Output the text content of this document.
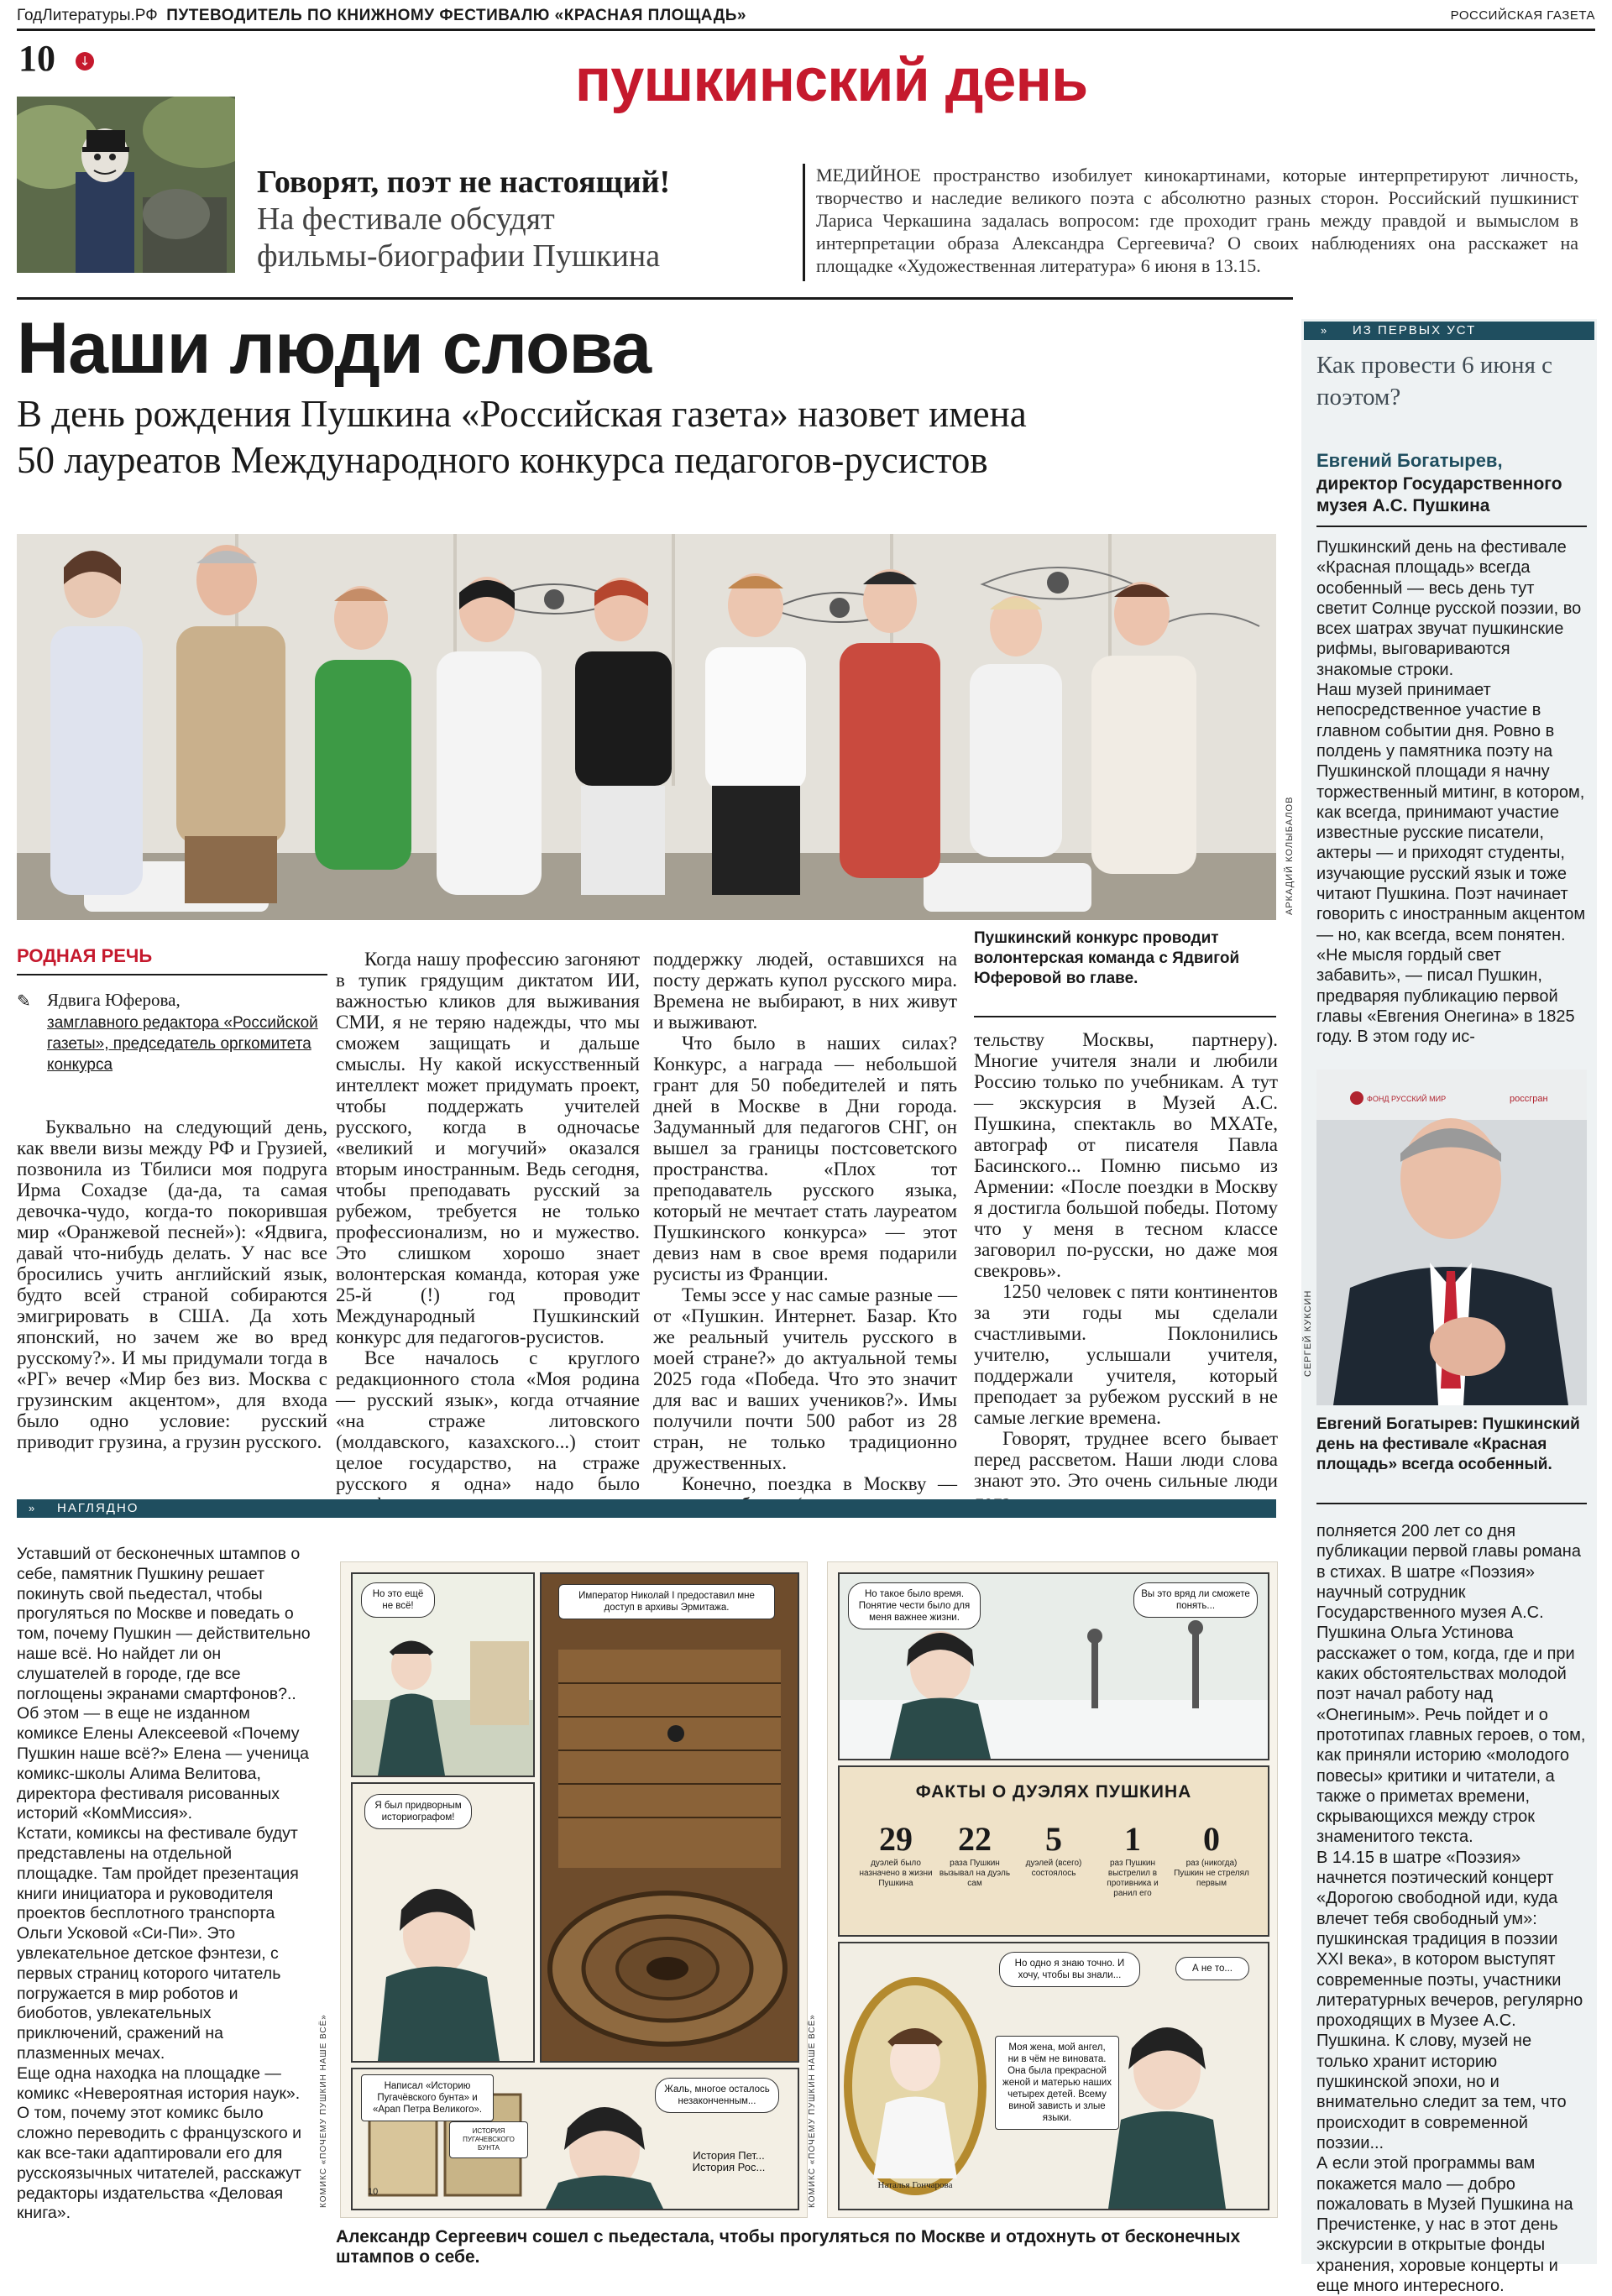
ГодЛитературы.РФ ПУТЕВОДИТЕЛЬ ПО КНИЖНОМУ ФЕСТИВАЛЮ «КРАСНАЯ ПЛОЩАДЬ»	РОССИЙСКАЯ ГАЗЕТА
10	↓	пушкинский день
Говорят, поэт не настоящий!
На фестивале обсудят
фильмы-биографии Пушкина
МЕДИЙНОЕ пространство изобилует кинокартинами, которые интерпретируют личность, творчество и наследие великого поэта с абсолютно разных сторон. Российский пушкинист Лариса Черкашина задалась вопросом: где проходит грань между правдой и вымыслом в интерпретации образа Александра Сергеевича? О своих наблюдениях она расскажет на площадке «Художественная литература» 6 июня в 13.15.
Наши люди слова
В день рождения Пушкина «Российская газета» назовет имена
50 лауреатов Международного конкурса педагогов-русистов
АРКАДИЙ КОЛЫБАЛОВ
РОДНАЯ РЕЧЬ
✎ Ядвига Юферова,
замглавного редактора «Российской газеты», председатель оргкомитета конкурса

Буквально на следующий день, как ввели визы между РФ и Грузией, позвонила из Тбилиси моя подруга Ирма Сохадзе (да-да, та самая девочка-чудо, когда-то покорившая мир «Оранжевой песней»): «Ядвига, давай что-нибудь делать. У нас все бросились учить английский язык, будто всей страной собираются эмигрировать в США. Да хоть японский, но зачем же во вред русскому?». И мы придумали тогда в «РГ» вечер «Мир без виз. Москва с грузинским акцентом», для входа было одно условие: русский приводит грузина, а грузин русского.

Когда нашу профессию загоняют в тупик грядущим диктатом ИИ, важностью кликов для выживания СМИ, я не теряю надежды, что мы сможем защищать и дальше смыслы. Ну какой искусственный интеллект может придумать проект, чтобы поддержать учителей русского, когда в одночасье «великий и могучий» оказался вторым иностранным. Ведь сегодня, чтобы преподавать русский за рубежом, требуется не только профессионализм, но и мужество. Это слишком хорошо знает волонтерская команда, которая уже 25-й (!) год проводит Международный Пушкинский конкурс для педагогов-русистов.

Все началось с круглого редакционного стола «Моя родина — русский язык», когда отчаяние «на страже литовского (молдавского, казахского...) стоит целое государство, на страже русского я одна» надо было

поддержку людей, оставшихся на посту держать купол русского мира. Времена не выбирают, в них живут и выживают.

Что было в наших силах? Конкурс, а награда — небольшой грант для 50 победителей и пять дней в Москве в Дни города. Задуманный для педагогов СНГ, он вышел за границы постсоветского пространства. «Плох тот преподаватель русского языка, который не мечтает стать лауреатом Пушкинского конкурса» — этот девиз нам в свое время подарили русисты из Франции.

Темы эссе у нас самые разные — от «Пушкин. Интернет. Базар. Кто же реальный учитель русского в моей стране?» до актуальной темы 2025 года «Победа. Что это значит для вас и ваших учеников?». Имы получили почти 500 работ из 28 стран, не только традиционно дружественных.

Конечно, поездка в Москву —

Пушкинский конкурс проводит волонтерская команда с Ядвигой Юферовой во главе.

тельству Москвы, партнеру). Многие учителя знали и любили Россию только по учебникам. А тут — экскурсия в Музей А.С. Пушкина, спектакль во МХАТе, автограф от писателя Павла Басинского... Помню письмо из Армении: «После поездки в Москву я достигла большой победы. Потому что у меня в тесном классе заговорил по-русски, но даже моя свекровь».

1250 человек с пяти континентов за эти годы мы сделали счастливыми. Поклонились учителю, услышали учителя, поддержали учителя, который преподает за рубежом русский в не самые легкие времена.

Говорят, труднее всего бывает перед рассветом. Наши люди слова знают это. Это очень сильные люди

» ИЗ ПЕРВЫХ УСТ
Как провести 6 июня с поэтом?
Евгений Богатырев,
директор Государственного музея А.С. Пушкина

Пушкинский день на фестивале «Красная площадь» всегда особенный — весь день тут светит Солнце русской поэзии, во всех шатрах звучат пушкинские рифмы, выговариваются знакомые строки.

Наш музей принимает непосредственное участие в главном событии дня. Ровно в полдень у памятника поэту на Пушкинской площади я начну торжественный митинг, в котором, как всегда, принимают участие известные русские писатели, актеры — и приходят студенты, изучающие русский язык и тоже читают Пушкина. Поэт начинает говорить с иностранным акцентом — но, как всегда, всем понятен.

«Не мысля гордый свет забавить», — писал Пушкин, предваряя публикацию первой главы «Евгения Онегина» в 1825 году. В этом году ис-

ФОНД РУССКИЙ МИР	россгран
СЕРГЕЙ КУКСИН
Евгений Богатырев: Пушкинский день на фестивале «Красная площадь» всегда особенный.

полняется 200 лет со дня публикации первой главы романа в стихах. В шатре «Поэзия» научный сотрудник Государственного музея А.С. Пушкина Ольга Устинова расскажет о том, когда, где и при каких обстоятельствах молодой поэт начал работу над «Онегиным». Речь пойдет и о прототипах главных героев, о том, как приняли историю «молодого повесы» критики и читатели, а также о приметах времени, скрывающихся между строк знаменитого текста.

В 14.15 в шатре «Поэзия» начнется поэтический концерт «Дорогою свободной иди, куда влечет тебя свободный ум»: пушкинская традиция в поэзии XXI века», в котором выступят современные поэты, участники литературных вечеров, регулярно проходящих в Музее А.С. Пушкина. К слову, музей не только хранит историю пушкинской эпохи, но и внимательно следит за тем, что происходит в современной поэзии...

А если этой программы вам покажется мало — добро пожаловать в Музей Пушкина на Пречистенке, у нас в этот день экскурсии в открытые фонды хранения, хоровые концерты и еще много интересного.

» НАГЛЯДНО

Уставший от бесконечных штампов о себе, памятник Пушкину решает покинуть свой пьедестал, чтобы прогуляться по Москве и поведать о том, почему Пушкин — действительно наше всё. Но найдет ли он слушателей в городе, где все поглощены экранами смартфонов?..

Об этом — в еще не изданном комиксе Елены Алексеевой «Почему Пушкин наше всё?» Елена — ученица комикс-школы Алима Велитова, директора фестиваля рисованных историй «КомМиссия».

Кстати, комиксы на фестивале будут представлены на отдельной площадке. Там пройдет презентация книги инициатора и руководителя проектов бесплотного транспорта Ольги Усковой «Си-Пи». Это увлекательное детское фэнтези, с первых страниц которого читатель погружается в мир роботов и биоботов, увлекательных приключений, сражений на плазменных мечах.

Еще одна находка на площадке — комикс «Невероятная история наук». О том, почему этот комикс было сложно переводить с французского и как все-таки адаптировали его для русскоязычных читателей, расскажут редакторы издательства «Деловая книга».

Но это ещё не всё!
Я был придворным историографом!
Император Николай I предоставил мне доступ в архивы Эрмитажа.
Написал «Историю Пугачёвского бунта» и «Арап Петра Великого».
ИСТОРИЯ ПУГАЧЕВСКОГО БУНТА
Жаль, многое осталось незаконченным...
История Пет... История Рос...
10
КОМИКС «ПОЧЕМУ ПУШКИН НАШЕ ВСЁ»	КОМИКС «ПОЧЕМУ ПУШКИН НАШЕ ВСЁ»
Но такое было время. Понятие чести было для меня важнее жизни.
Вы это вряд ли сможете понять...
ФАКТЫ О ДУЭЛЯХ ПУШКИНА
29
дуэлей было назначено в жизни Пушкина
22
раза Пушкин вызывал на дуэль сам
5
дуэлей (всего) состоялось
1
раз Пушкин выстрелил в противника и ранил его
0
раз (никогда) Пушкин не стрелял первым
Наталья Гончарова
Но одно я знаю точно. И хочу, чтобы вы знали...
А не то...
Моя жена, мой ангел, ни в чём не виновата. Она была прекрасной женой и матерью наших четырех детей. Всему виной зависть и злые языки.
Александр Сергеевич сошел с пьедестала, чтобы прогуляться по Москве и отдохнуть от бесконечных штампов о себе.
